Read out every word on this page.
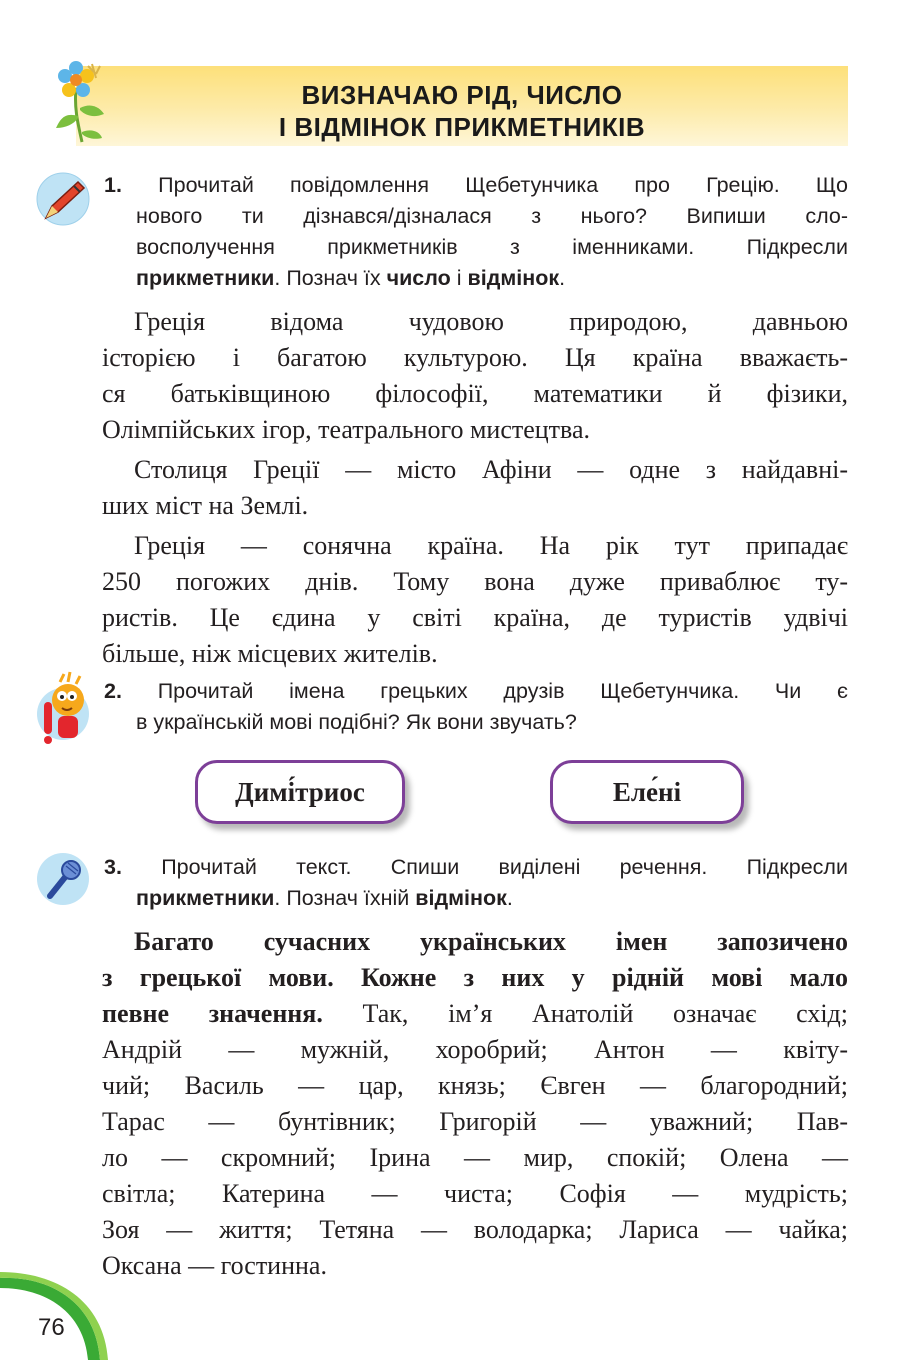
ВИЗНАЧАЮ РІД, ЧИСЛО
І ВІДМІНОК ПРИКМЕТНИКІВ
1. Прочитай повідомлення Щебетунчика про Грецію. Що
нового ти дізнався/дізналася з нього? Випиши сло-
восполучення прикметників з іменниками. Підкресли
прикметники. Познач їх число і відмінок.
Греція відома чудовою природою, давньою
історією і багатою культурою. Ця країна вважаєть-
ся батьківщиною філософії, математики й фізики,
Олімпійських ігор, театрального мистецтва.
Столиця Греції — місто Афіни — одне з найдавні-
ших міст на Землі.
Греція — сонячна країна. На рік тут припадає
250 погожих днів. Тому вона дуже приваблює ту-
ристів. Це єдина у світі країна, де туристів удвічі
більше, ніж місцевих жителів.
2. Прочитай імена грецьких друзів Щебетунчика. Чи є
в українській мові подібні? Як вони звучать?
Димі́триос	Еле́ні
3. Прочитай текст. Спиши виділені речення. Підкресли
прикметники. Познач їхній відмінок.
Багато сучасних українських імен запозичено
з грецької мови. Кожне з них у рідній мові мало
певне значення. Так, ім’я Анатолій означає схід;
Андрій — мужній, хоробрий; Антон — квіту-
чий; Василь — цар, князь; Євген — благородний;
Тарас — бунтівник; Григорій — уважний; Пав-
ло — скромний; Ірина — мир, спокій; Олена —
світла; Катерина — чиста; Софія — мудрість;
Зоя — життя; Тетяна — володарка; Лариса — чайка;
Оксана — гостинна.
76
